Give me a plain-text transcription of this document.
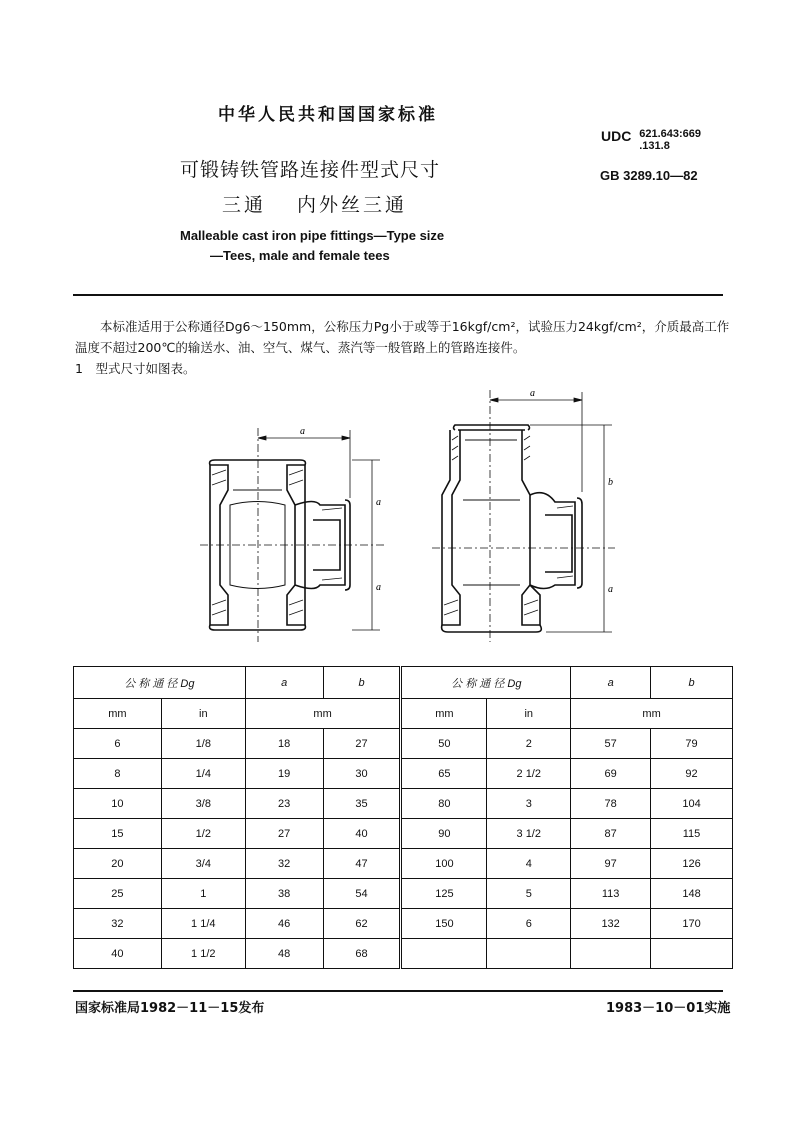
中华人民共和国国家标准
UDC 621.643:669
.131.8
GB 3289.10—82
可锻铸铁管路连接件型式尺寸
三通　 内外丝三通
Malleable cast iron pipe fittings—Type size
—Tees, male and female tees

本标准适用于公称通径Dg6～150mm，公称压力Pg小于或等于16kgf/cm²，试验压力24kgf/cm²，介质最高工作温度不超过200℃的输送水、油、空气、煤气、蒸汽等一般管路上的管路连接件。

1　型式尺寸如图表。

a
a
a
a
b
a
公 称 通 径 Dg		a	b	公 称 通 径 Dg		a	b
mm	in	mm		mm	in	mm	
6	1/8	18	27	50	2	57	79
8	1/4	19	30	65	2 1/2	69	92
10	3/8	23	35	80	3	78	104
15	1/2	27	40	90	3 1/2	87	115
20	3/4	32	47	100	4	97	126
25	1	38	54	125	5	113	148
32	1 1/4	46	62	150	6	132	170
40	1 1/2	48	68				
国家标准局1982－11－15发布	1983－10－01实施
